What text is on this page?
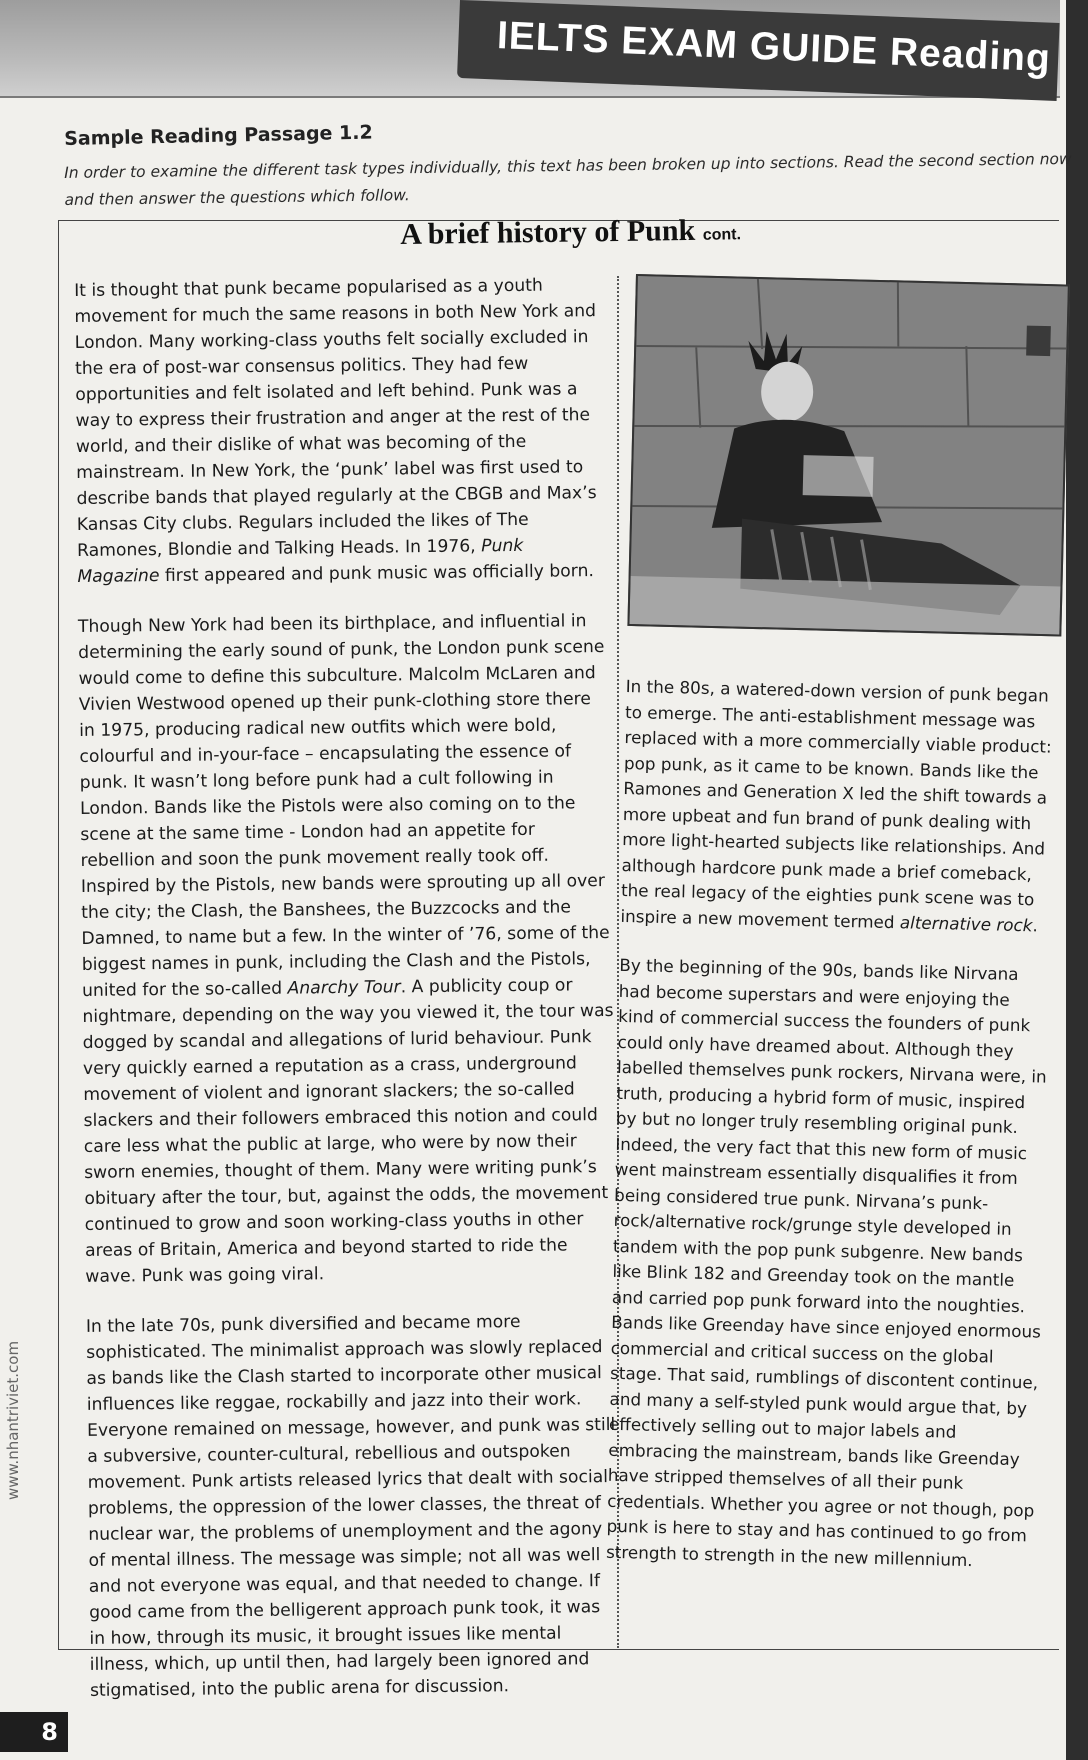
IELTS EXAM GUIDE Reading
Sample Reading Passage 1.2
In order to examine the different task types individually, this text has been broken up into sections. Read the second section now and then answer the questions which follow.
A brief history of Punk cont.

It is thought that punk became popularised as a youth movement for much the same reasons in both New York and London. Many working-class youths felt socially excluded in the era of post-war consensus politics. They had few opportunities and felt isolated and left behind. Punk was a way to express their frustration and anger at the rest of the world, and their dislike of what was becoming of the mainstream. In New York, the ‘punk’ label was first used to describe bands that played regularly at the CBGB and Max’s Kansas City clubs. Regulars included the likes of The Ramones, Blondie and Talking Heads. In 1976, Punk Magazine first appeared and punk music was officially born.

Though New York had been its birthplace, and influential in determining the early sound of punk, the London punk scene would come to define this subculture. Malcolm McLaren and Vivien Westwood opened up their punk-clothing store there in 1975, producing radical new outfits which were bold, colourful and in-your-face – encapsulating the essence of punk. It wasn’t long before punk had a cult following in London. Bands like the Pistols were also coming on to the scene at the same time - London had an appetite for rebellion and soon the punk movement really took off. Inspired by the Pistols, new bands were sprouting up all over the city; the Clash, the Banshees, the Buzzcocks and the Damned, to name but a few. In the winter of ’76, some of the biggest names in punk, including the Clash and the Pistols, united for the so-called Anarchy Tour. A publicity coup or nightmare, depending on the way you viewed it, the tour was dogged by scandal and allegations of lurid behaviour. Punk very quickly earned a reputation as a crass, underground movement of violent and ignorant slackers; the so-called slackers and their followers embraced this notion and could care less what the public at large, who were by now their sworn enemies, thought of them. Many were writing punk’s obituary after the tour, but, against the odds, the movement continued to grow and soon working-class youths in other areas of Britain, America and beyond started to ride the wave. Punk was going viral.

In the late 70s, punk diversified and became more sophisticated. The minimalist approach was slowly replaced as bands like the Clash started to incorporate other musical influences like reggae, rockabilly and jazz into their work. Everyone remained on message, however, and punk was still a subversive, counter-cultural, rebellious and outspoken movement. Punk artists released lyrics that dealt with social problems, the oppression of the lower classes, the threat of nuclear war, the problems of unemployment and the agony of mental illness. The message was simple; not all was well and not everyone was equal, and that needed to change. If good came from the belligerent approach punk took, it was in how, through its music, it brought issues like mental illness, which, up until then, had largely been ignored and stigmatised, into the public arena for discussion.

In the 80s, a watered-down version of punk began to emerge. The anti-establishment message was replaced with a more commercially viable product: pop punk, as it came to be known. Bands like the Ramones and Generation X led the shift towards a more upbeat and fun brand of punk dealing with more light-hearted subjects like relationships. And although hardcore punk made a brief comeback, the real legacy of the eighties punk scene was to inspire a new movement termed alternative rock.

By the beginning of the 90s, bands like Nirvana had become superstars and were enjoying the kind of commercial success the founders of punk could only have dreamed about. Although they labelled themselves punk rockers, Nirvana were, in truth, producing a hybrid form of music, inspired by but no longer truly resembling original punk. Indeed, the very fact that this new form of music went mainstream essentially disqualifies it from being considered true punk. Nirvana’s punk-rock/alternative rock/grunge style developed in tandem with the pop punk subgenre. New bands like Blink 182 and Greenday took on the mantle and carried pop punk forward into the noughties. Bands like Greenday have since enjoyed enormous commercial and critical success on the global stage. That said, rumblings of discontent continue, and many a self-styled punk would argue that, by effectively selling out to major labels and embracing the mainstream, bands like Greenday have stripped themselves of all their punk credentials. Whether you agree or not though, pop punk is here to stay and has continued to go from strength to strength in the new millennium.

www.nhantriviet.com
8
